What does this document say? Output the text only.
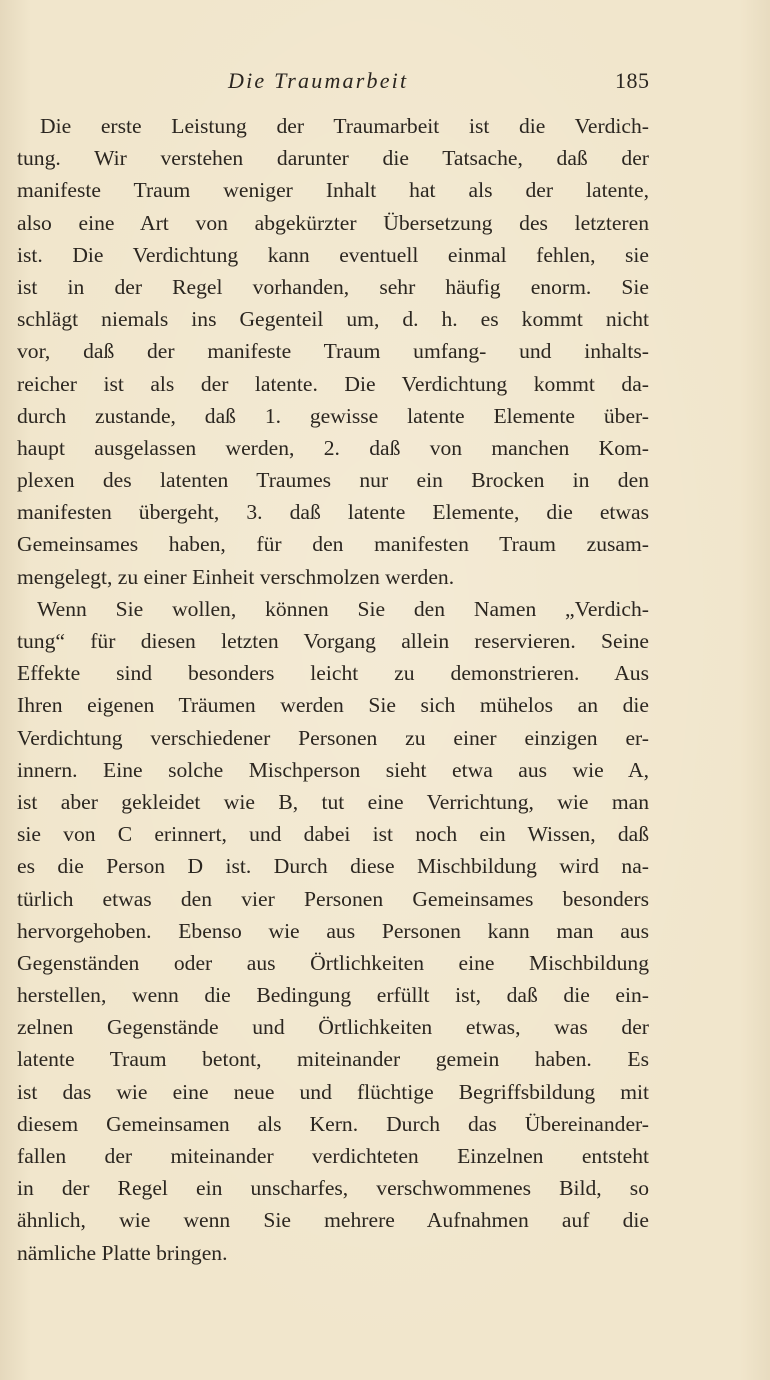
Die Traumarbeit	185
Die erste Leistung der Traumarbeit ist die Verdich-
tung. Wir verstehen darunter die Tatsache, daß der
manifeste Traum weniger Inhalt hat als der latente,
also eine Art von abgekürzter Übersetzung des letzteren
ist. Die Verdichtung kann eventuell einmal fehlen, sie
ist in der Regel vorhanden, sehr häufig enorm. Sie
schlägt niemals ins Gegenteil um, d. h. es kommt nicht
vor, daß der manifeste Traum umfang- und inhalts-
reicher ist als der latente. Die Verdichtung kommt da-
durch zustande, daß 1. gewisse latente Elemente über-
haupt ausgelassen werden, 2. daß von manchen Kom-
plexen des latenten Traumes nur ein Brocken in den
manifesten übergeht, 3. daß latente Elemente, die etwas
Gemeinsames haben, für den manifesten Traum zusam-
mengelegt, zu einer Einheit verschmolzen werden.
Wenn Sie wollen, können Sie den Namen „Verdich-
tung“ für diesen letzten Vorgang allein reservieren. Seine
Effekte sind besonders leicht zu demonstrieren. Aus
Ihren eigenen Träumen werden Sie sich mühelos an die
Verdichtung verschiedener Personen zu einer einzigen er-
innern. Eine solche Mischperson sieht etwa aus wie A,
ist aber gekleidet wie B, tut eine Verrichtung, wie man
sie von C erinnert, und dabei ist noch ein Wissen, daß
es die Person D ist. Durch diese Mischbildung wird na-
türlich etwas den vier Personen Gemeinsames besonders
hervorgehoben. Ebenso wie aus Personen kann man aus
Gegenständen oder aus Örtlichkeiten eine Mischbildung
herstellen, wenn die Bedingung erfüllt ist, daß die ein-
zelnen Gegenstände und Örtlichkeiten etwas, was der
latente Traum betont, miteinander gemein haben. Es
ist das wie eine neue und flüchtige Begriffsbildung mit
diesem Gemeinsamen als Kern. Durch das Übereinander-
fallen der miteinander verdichteten Einzelnen entsteht
in der Regel ein unscharfes, verschwommenes Bild, so
ähnlich, wie wenn Sie mehrere Aufnahmen auf die
nämliche Platte bringen.
